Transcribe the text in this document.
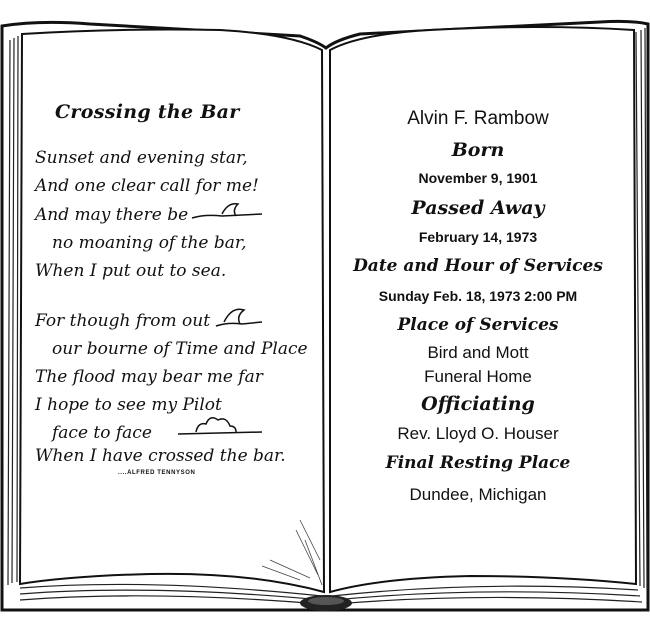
Crossing the Bar
Sunset and evening star,
And one clear call for me!
And may there be
no moaning of the bar,
When I put out to sea.
For though from out
our bourne of Time and Place
The flood may bear me far
I hope to see my Pilot
face to face
When I have crossed the bar.
....ALFRED TENNYSON
Alvin F. Rambow
Born
November 9, 1901
Passed Away
February 14, 1973
Date and Hour of Services
Sunday Feb. 18, 1973 2:00 PM
Place of Services
Bird and Mott
Funeral Home
Officiating
Rev. Lloyd O. Houser
Final Resting Place
Dundee, Michigan
